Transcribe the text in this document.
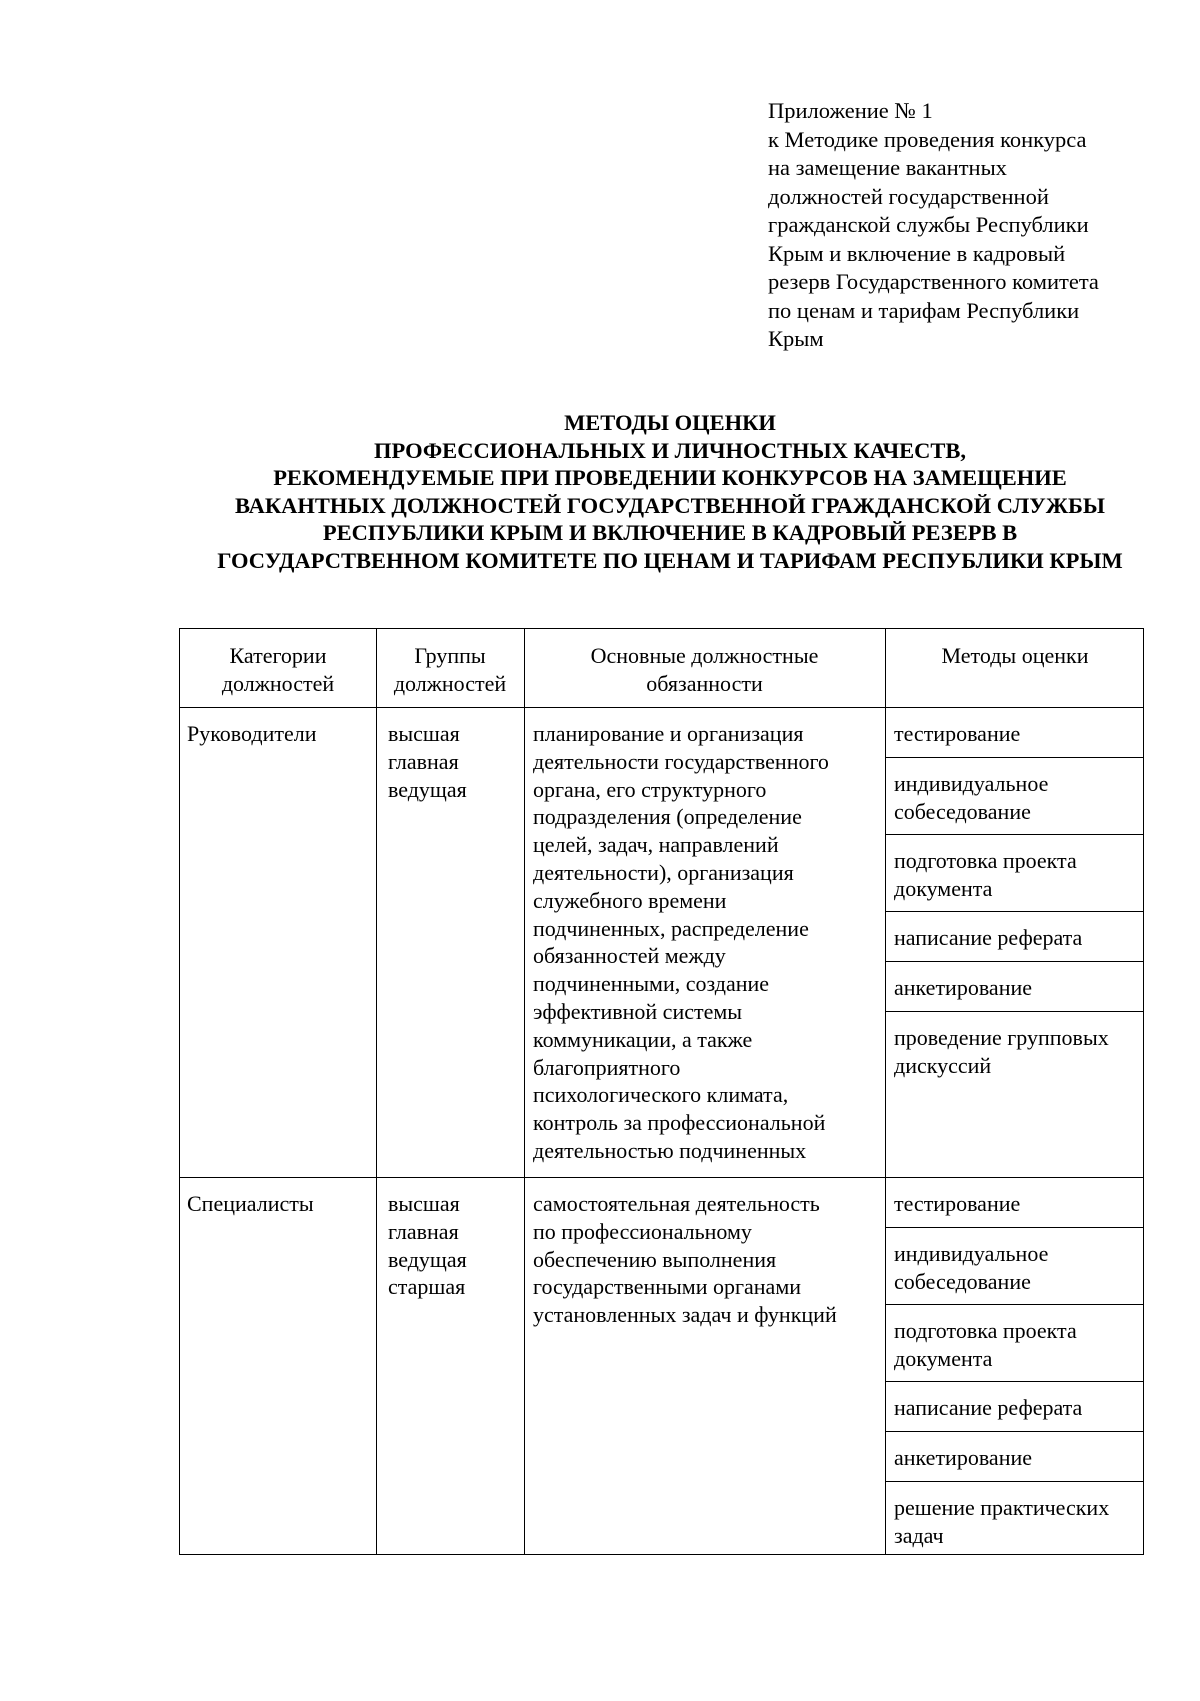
Приложение № 1
к Методике проведения конкурса
на замещение вакантных
должностей государственной
гражданской службы Республики
Крым и включение в кадровый
резерв Государственного комитета
по ценам и тарифам Республики
Крым
МЕТОДЫ ОЦЕНКИ
ПРОФЕССИОНАЛЬНЫХ И ЛИЧНОСТНЫХ КАЧЕСТВ,
РЕКОМЕНДУЕМЫЕ ПРИ ПРОВЕДЕНИИ КОНКУРСОВ НА ЗАМЕЩЕНИЕ
ВАКАНТНЫХ ДОЛЖНОСТЕЙ ГОСУДАРСТВЕННОЙ ГРАЖДАНСКОЙ СЛУЖБЫ
РЕСПУБЛИКИ КРЫМ И ВКЛЮЧЕНИЕ В КАДРОВЫЙ РЕЗЕРВ В
ГОСУДАРСТВЕННОМ КОМИТЕТЕ ПО ЦЕНАМ И ТАРИФАМ РЕСПУБЛИКИ КРЫМ
Категории
должностей
Группы
должностей
Основные должностные
обязанности
Методы оценки
Руководители	высшая
главная
ведущая
планирование и организация
деятельности государственного
органа, его структурного
подразделения (определение
целей, задач, направлений
деятельности), организация
служебного времени
подчиненных, распределение
обязанностей между
подчиненными, создание
эффективной системы
коммуникации, а также
благоприятного
психологического климата,
контроль за профессиональной
деятельностью подчиненных
тестирование
индивидуальное
собеседование
подготовка проекта
документа
написание реферата
анкетирование
проведение групповых
дискуссий
Специалисты	высшая
главная
ведущая
старшая
самостоятельная деятельность
по профессиональному
обеспечению выполнения
государственными органами
установленных задач и функций
тестирование
индивидуальное
собеседование
подготовка проекта
документа
написание реферата
анкетирование
решение практических
задач
